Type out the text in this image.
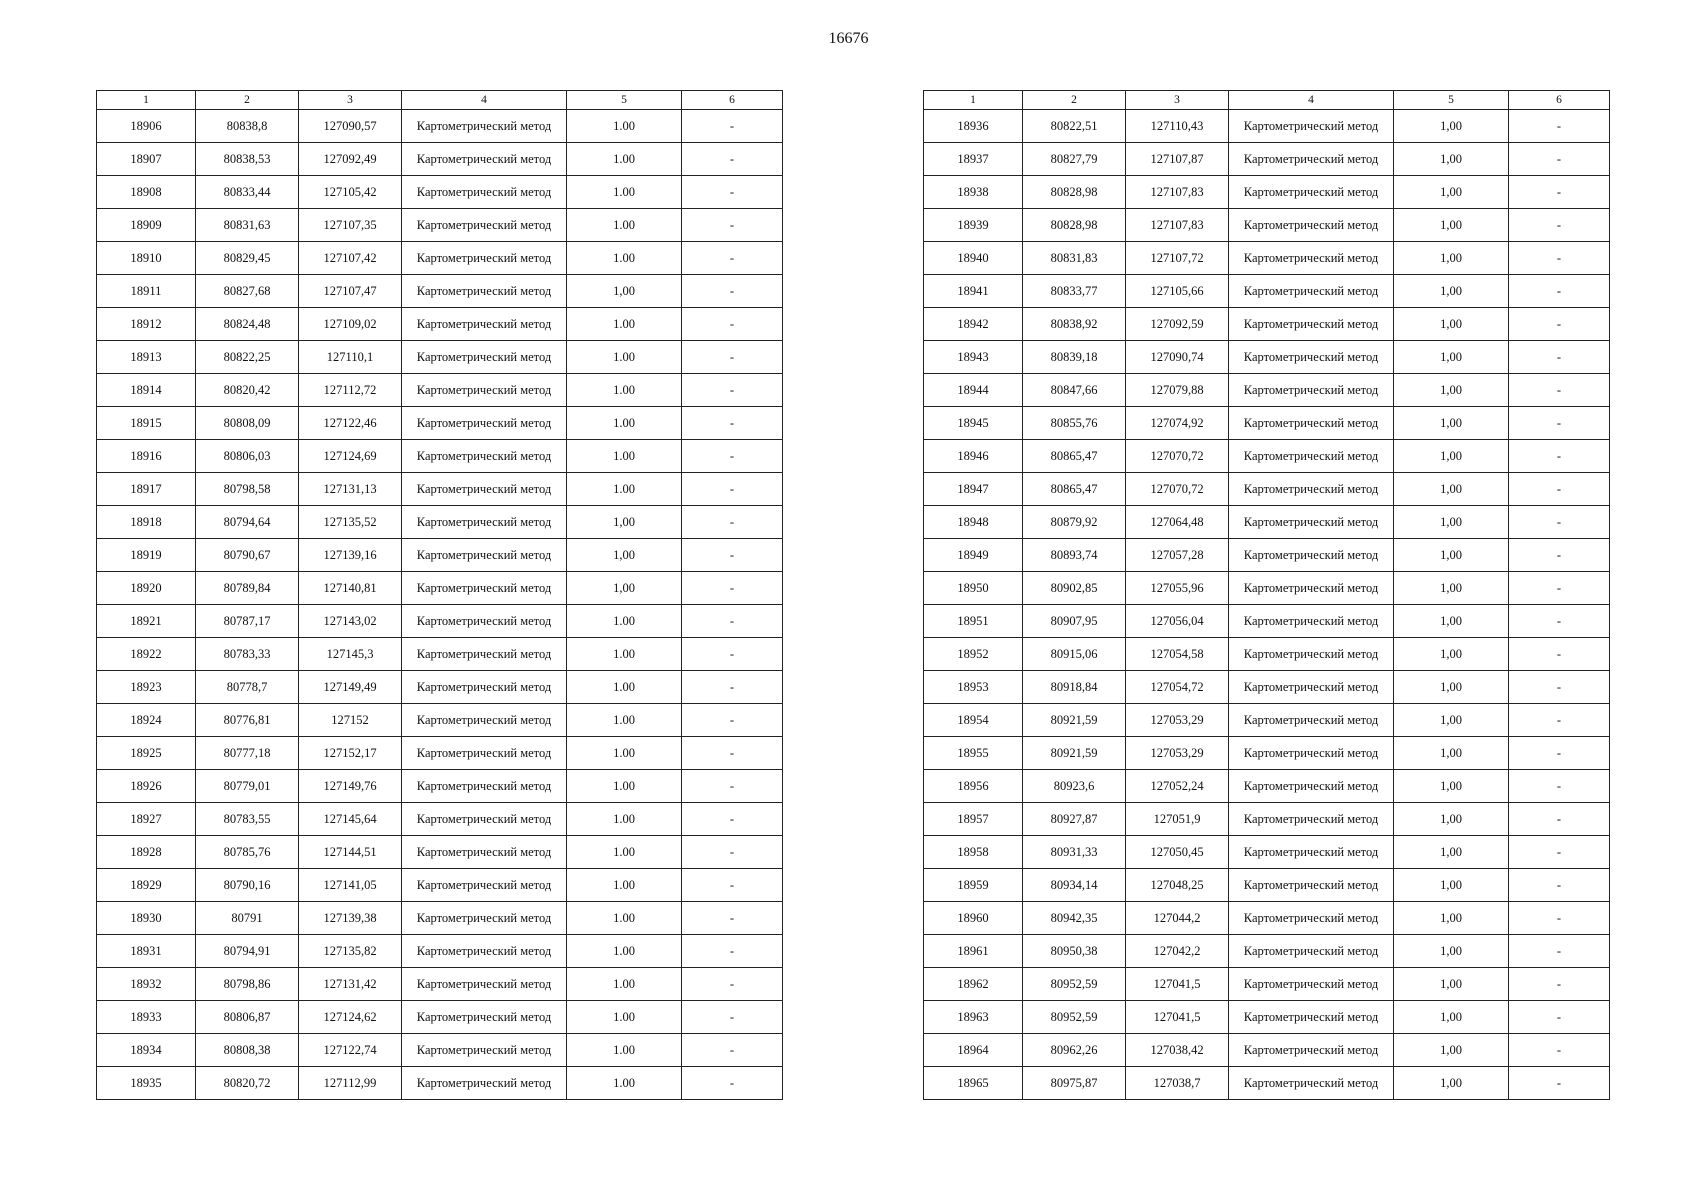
16676
1	2	3	4	5	6
18906	80838,8	127090,57	Картометрический метод	1.00	-
18907	80838,53	127092,49	Картометрический метод	1.00	-
18908	80833,44	127105,42	Картометрический метод	1.00	-
18909	80831,63	127107,35	Картометрический метод	1.00	-
18910	80829,45	127107,42	Картометрический метод	1.00	-
18911	80827,68	127107,47	Картометрический метод	1,00	-
18912	80824,48	127109,02	Картометрический метод	1.00	-
18913	80822,25	127110,1	Картометрический метод	1.00	-
18914	80820,42	127112,72	Картометрический метод	1.00	-
18915	80808,09	127122,46	Картометрический метод	1.00	-
18916	80806,03	127124,69	Картометрический метод	1.00	-
18917	80798,58	127131,13	Картометрический метод	1.00	-
18918	80794,64	127135,52	Картометрический метод	1,00	-
18919	80790,67	127139,16	Картометрический метод	1,00	-
18920	80789,84	127140,81	Картометрический метод	1,00	-
18921	80787,17	127143,02	Картометрический метод	1.00	-
18922	80783,33	127145,3	Картометрический метод	1.00	-
18923	80778,7	127149,49	Картометрический метод	1.00	-
18924	80776,81	127152	Картометрический метод	1.00	-
18925	80777,18	127152,17	Картометрический метод	1.00	-
18926	80779,01	127149,76	Картометрический метод	1.00	-
18927	80783,55	127145,64	Картометрический метод	1.00	-
18928	80785,76	127144,51	Картометрический метод	1.00	-
18929	80790,16	127141,05	Картометрический метод	1.00	-
18930	80791	127139,38	Картометрический метод	1.00	-
18931	80794,91	127135,82	Картометрический метод	1.00	-
18932	80798,86	127131,42	Картометрический метод	1.00	-
18933	80806,87	127124,62	Картометрический метод	1.00	-
18934	80808,38	127122,74	Картометрический метод	1.00	-
18935	80820,72	127112,99	Картометрический метод	1.00	-
1	2	3	4	5	6
18936	80822,51	127110,43	Картометрический метод	1,00	-
18937	80827,79	127107,87	Картометрический метод	1,00	-
18938	80828,98	127107,83	Картометрический метод	1,00	-
18939	80828,98	127107,83	Картометрический метод	1,00	-
18940	80831,83	127107,72	Картометрический метод	1,00	-
18941	80833,77	127105,66	Картометрический метод	1,00	-
18942	80838,92	127092,59	Картометрический метод	1,00	-
18943	80839,18	127090,74	Картометрический метод	1,00	-
18944	80847,66	127079,88	Картометрический метод	1,00	-
18945	80855,76	127074,92	Картометрический метод	1,00	-
18946	80865,47	127070,72	Картометрический метод	1,00	-
18947	80865,47	127070,72	Картометрический метод	1,00	-
18948	80879,92	127064,48	Картометрический метод	1,00	-
18949	80893,74	127057,28	Картометрический метод	1,00	-
18950	80902,85	127055,96	Картометрический метод	1,00	-
18951	80907,95	127056,04	Картометрический метод	1,00	-
18952	80915,06	127054,58	Картометрический метод	1,00	-
18953	80918,84	127054,72	Картометрический метод	1,00	-
18954	80921,59	127053,29	Картометрический метод	1,00	-
18955	80921,59	127053,29	Картометрический метод	1,00	-
18956	80923,6	127052,24	Картометрический метод	1,00	-
18957	80927,87	127051,9	Картометрический метод	1,00	-
18958	80931,33	127050,45	Картометрический метод	1,00	-
18959	80934,14	127048,25	Картометрический метод	1,00	-
18960	80942,35	127044,2	Картометрический метод	1,00	-
18961	80950,38	127042,2	Картометрический метод	1,00	-
18962	80952,59	127041,5	Картометрический метод	1,00	-
18963	80952,59	127041,5	Картометрический метод	1,00	-
18964	80962,26	127038,42	Картометрический метод	1,00	-
18965	80975,87	127038,7	Картометрический метод	1,00	-
